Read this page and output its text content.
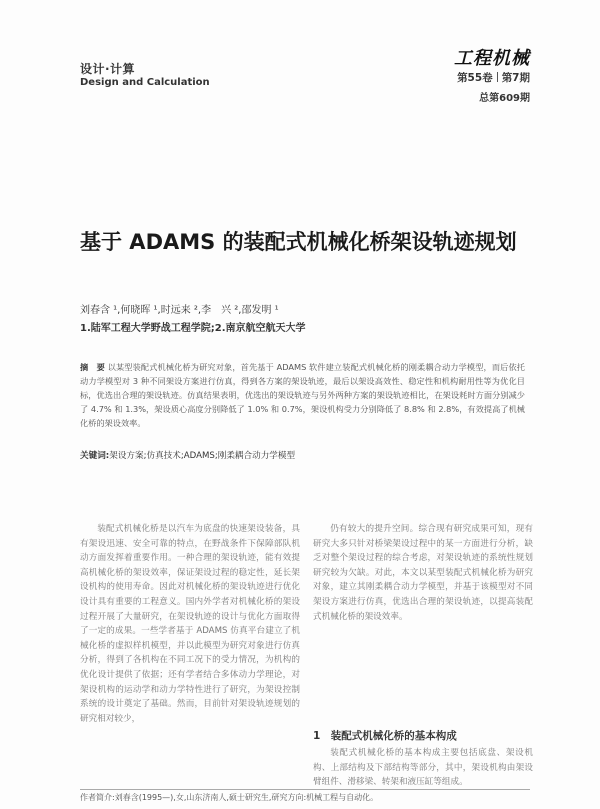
设计·计算
Design and Calculation
工程机械
第55卷 第7期
总第609期
基于 ADAMS 的装配式机械化桥架设轨迹规划
刘春含 ¹,何晓晖 ¹,时远来 ²,李　兴 ²,邵发明 ¹
1.陆军工程大学野战工程学院;2.南京航空航天大学
摘　要 以某型装配式机械化桥为研究对象，首先基于 ADAMS 软件建立装配式机械化桥的刚柔耦合动力学模型，而后依托动力学模型对 3 种不同架设方案进行仿真，得到各方案的架设轨迹，最后以架设高效性、稳定性和机构耐用性等为优化目标，优选出合理的架设轨迹。仿真结果表明，优选出的架设轨迹与另外两种方案的架设轨迹相比，在架设耗时方面分别减少了 4.7% 和 1.3%，架设质心高度分别降低了 1.0% 和 0.7%，架设机构受力分别降低了 8.8% 和 2.8%，有效提高了机械化桥的架设效率。
关键词:架设方案;仿真技术;ADAMS;刚柔耦合动力学模型

装配式机械化桥是以汽车为底盘的快速架设装备，具有架设迅速、安全可靠的特点，在野战条件下保障部队机动方面发挥着重要作用。一种合理的架设轨迹，能有效提高机械化桥的架设效率，保证架设过程的稳定性，延长架设机构的使用寿命。因此对机械化桥的架设轨迹进行优化设计具有重要的工程意义。国内外学者对机械化桥的架设过程开展了大量研究，在架设轨迹的设计与优化方面取得了一定的成果。一些学者基于 ADAMS 仿真平台建立了机械化桥的虚拟样机模型，并以此模型为研究对象进行仿真分析，得到了各机构在不同工况下的受力情况，为机构的优化设计提供了依据；还有学者结合多体动力学理论，对架设机构的运动学和动力学特性进行了研究，为架设控制系统的设计奠定了基础。然而，目前针对架设轨迹规划的研究相对较少，

仍有较大的提升空间。综合现有研究成果可知，现有研究大多只针对桥梁架设过程中的某一方面进行分析，缺乏对整个架设过程的综合考虑，对架设轨迹的系统性规划研究较为欠缺。对此，本文以某型装配式机械化桥为研究对象，建立其刚柔耦合动力学模型，并基于该模型对不同架设方案进行仿真，优选出合理的架设轨迹，以提高装配式机械化桥的架设效率。

1　装配式机械化桥的基本构成

装配式机械化桥的基本构成主要包括底盘、架设机构、上部结构及下部结构等部分，其中，架设机构由架设臂组件、滑移梁、转架和液压缸等组成。

作者简介:刘春含(1995—),女,山东济南人,硕士研究生,研究方向:机械工程与自动化。
